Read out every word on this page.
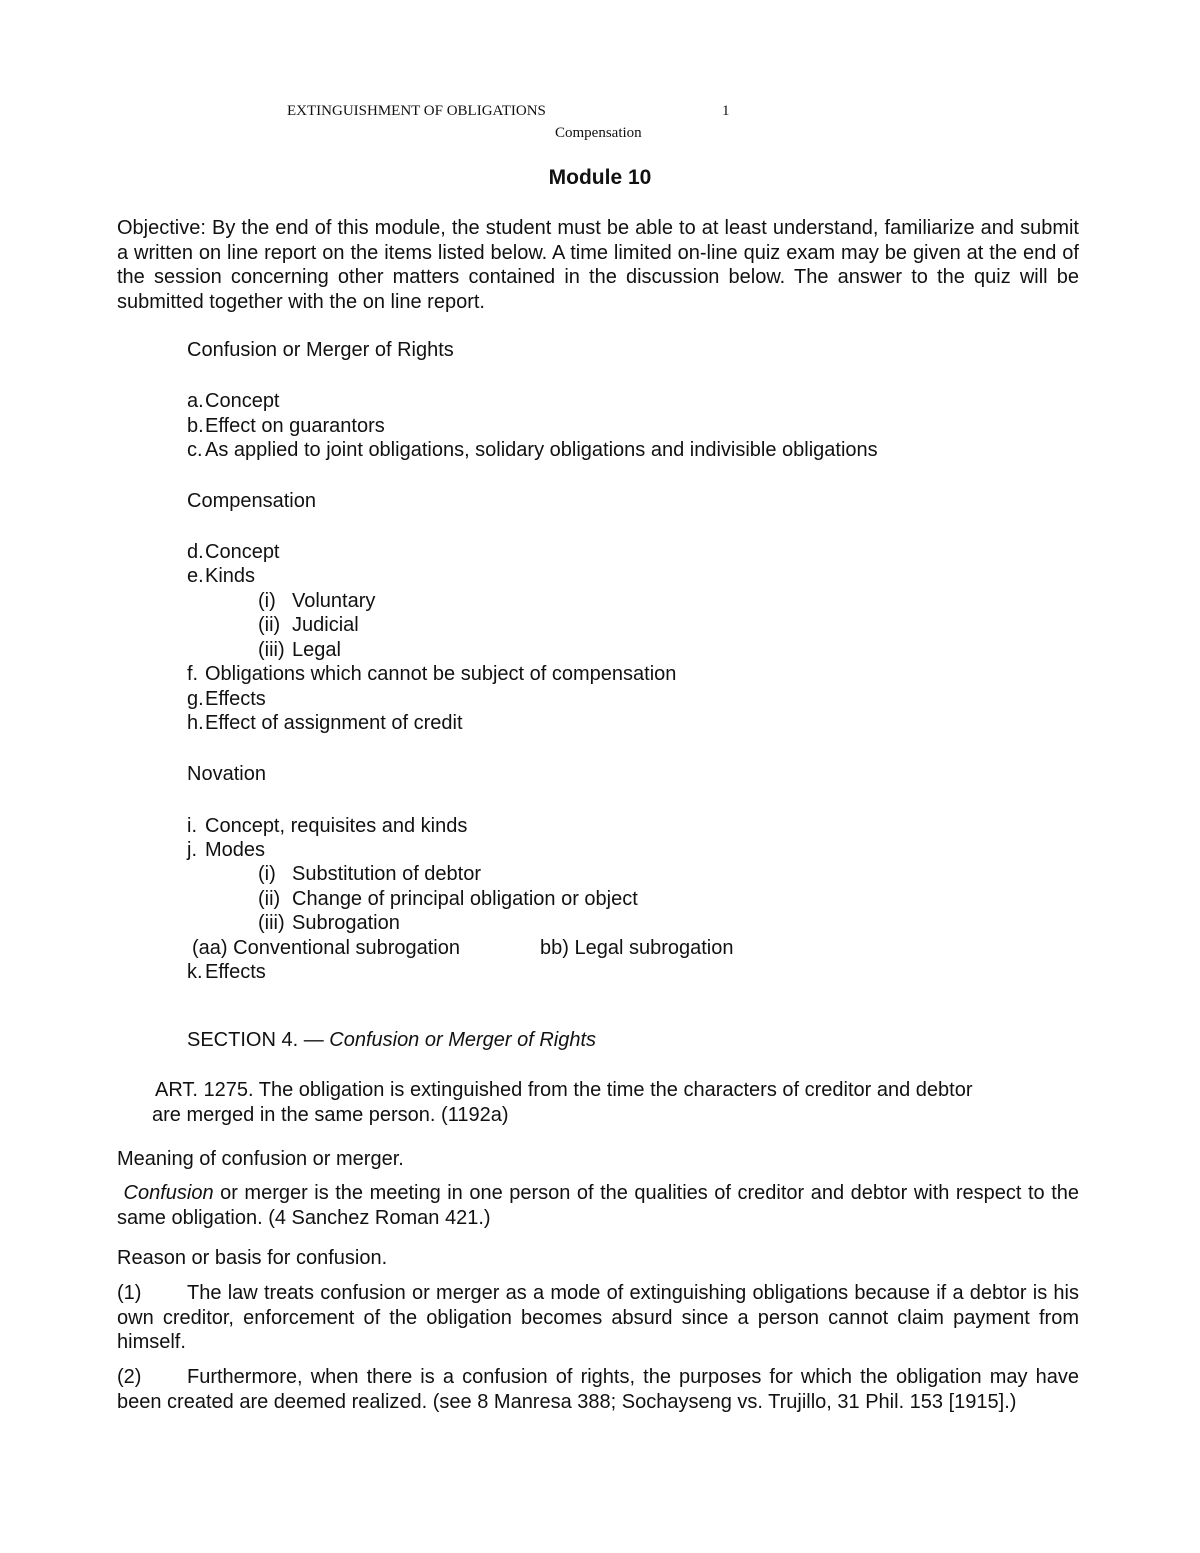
EXTINGUISHMENT OF OBLIGATIONS	1
Compensation
Module 10
Objective: By the end of this module, the student must be able to at least understand, familiarize and submit a written on line report on the items listed below. A time limited on-line quiz exam may be given at the end of the session concerning other matters contained in the discussion below. The answer to the quiz will be submitted together with the on line report.
Confusion or Merger of Rights
a.Concept
b.Effect on guarantors
c. As applied to joint obligations, solidary obligations and indivisible obligations
Compensation
d.Concept
e.Kinds
(i) Voluntary
(ii) Judicial
(iii) Legal
f. Obligations which cannot be subject of compensation
g.Effects
h.Effect of assignment of credit
Novation
i. Concept, requisites and kinds
j. Modes
(i) Substitution of debtor
(ii) Change of principal obligation or object
(iii) Subrogation
(aa) Conventional subrogation	bb) Legal subrogation
k. Effects
SECTION 4. — Confusion or Merger of Rights
ART. 1275. The obligation is extinguished from the time the characters of creditor and debtor
are merged in the same person. (1192a)
Meaning of confusion or merger.
Confusion or merger is the meeting in one person of the qualities of creditor and debtor with respect to the same obligation. (4 Sanchez Roman 421.)
Reason or basis for confusion.
(1) The law treats confusion or merger as a mode of extinguishing obligations because if a debtor is his own creditor, enforcement of the obligation becomes absurd since a person cannot claim payment from himself.
(2) Furthermore, when there is a confusion of rights, the purposes for which the obligation may have been created are deemed realized. (see 8 Manresa 388; Sochayseng vs. Trujillo, 31 Phil. 153 [1915].)
